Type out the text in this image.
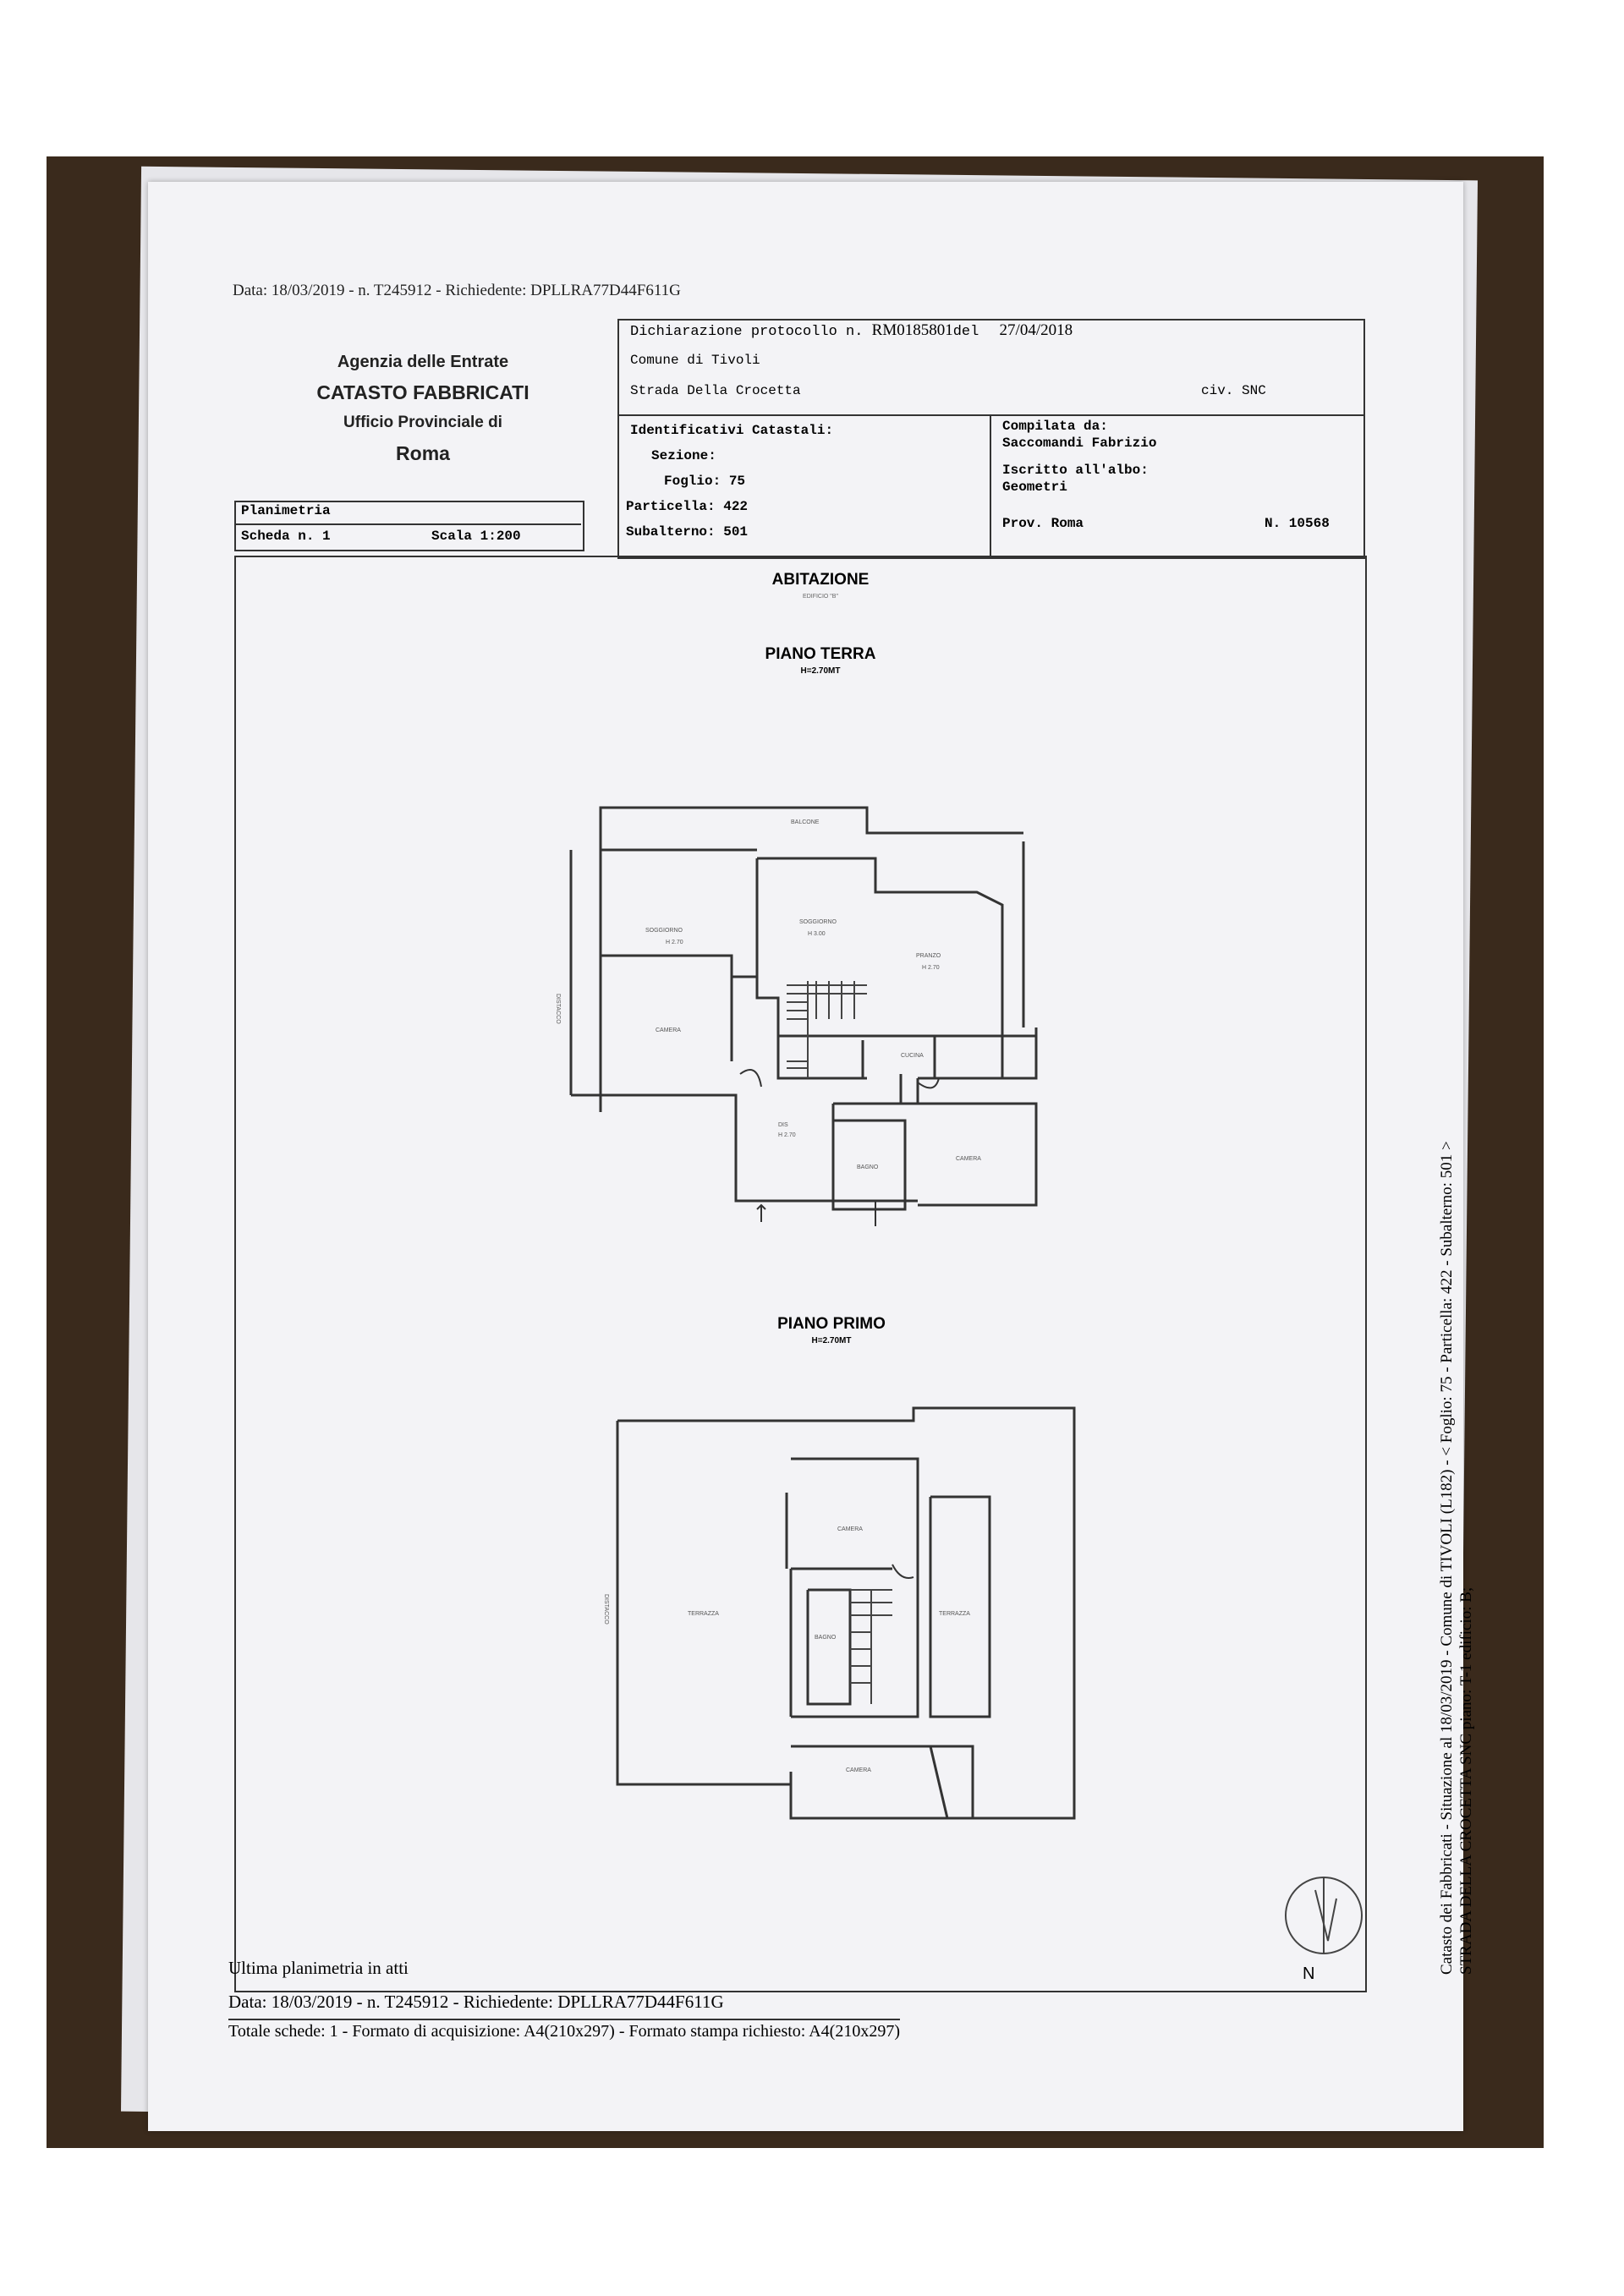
Data: 18/03/2019 - n. T245912 - Richiedente: DPLLRA77D44F611G
Agenzia delle Entrate
CATASTO FABBRICATI
Ufficio Provinciale di
Roma
Dichiarazione protocollo n. RM0185801del 27/04/2018
Comune di Tivoli
Strada Della Crocetta	civ. SNC
Identificativi Catastali:
Sezione:
Foglio: 75
Particella: 422
Subalterno: 501
Compilata da:
Saccomandi Fabrizio
Iscritto all'albo:
Geometri
Prov. Roma	N. 10568
Planimetria
Scheda n. 1	Scala 1:200
ABITAZIONE
EDIFICIO "B"
PIANO TERRA
H=2.70MT
PIANO PRIMO
H=2.70MT
BALCONE
SOGGIORNO
H 2.70
SOGGIORNO
H 3.00
PRANZO
H 2.70
CAMERA
CUCINA
DIS
H 2.70
BAGNO
CAMERA
DISTACCO
CAMERA
TERRAZZA
BAGNO
TERRAZZA
CAMERA
DISTACCO
N	Catasto dei Fabbricati - Situazione al 18/03/2019 - Comune di TIVOLI (L182) - < Foglio: 75 - Particella: 422 - Subalterno: 501 > STRADA DELLA CROCETTA SNC piano: T-1 edificio: B;
Ultima planimetria in atti
Data: 18/03/2019 - n. T245912 - Richiedente: DPLLRA77D44F611G
Totale schede: 1 - Formato di acquisizione: A4(210x297) - Formato stampa richiesto: A4(210x297)
